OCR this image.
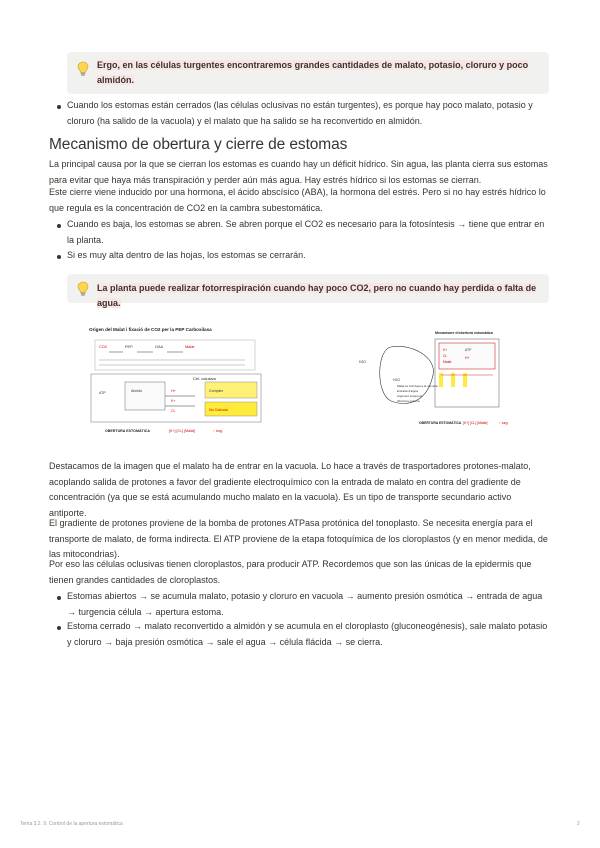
Ergo, en las células turgentes encontraremos grandes cantidades de malato, potasio, cloruro y poco almidón.
Cuando los estomas están cerrados (las células oclusivas no están turgentes), es porque hay poco malato, potasio y cloruro (ha salido de la vacuola) y el malato que ha salido se ha reconvertido en almidón.
Mecanismo de obertura y cierre de estomas
La principal causa por la que se cierran los estomas es cuando hay un déficit hídrico. Sin agua, las planta cierra sus estomas para evitar que haya más transpiración y perder aún más agua. Hay estrés hídrico si los estomas se cierran.
Este cierre viene inducido por una hormona, el ácido abscísico (ABA), la hormona del estrés. Pero si no hay estrés hídrico lo que regula es la concentración de CO2 en la cambra subestomática.
Cuando es baja, los estomas se abren. Se abren porque el CO2 es necesario para la fotosíntesis → tiene que entrar en la planta.
Si es muy alta dentro de las hojas, los estomas se cerrarán.
La planta puede realizar fotorrespiración cuando hay poco CO2, pero no cuando hay perdida o falta de agua.
Origen del Malat i fixació de CO2 per la PEP Carboxilasa
CO2	PEP	OAA	Malat
Cèl. oclusiva
Almidó
ATP	H+
K+
Cl-
Complex
No Cutícula
OBERTURA ESTOMÀTICA	[K+] [Cl-] [Malat]	↑ turg.
Mecanisme d'obertura estomàtica
H2O
H2O
K+
Cl-
Malat
ATP
H+
Malat se bombeja a la vacuola
Entrada d'aigua
Augment turgència
Obertura estoma
OBERTURA ESTOMÀTICA [K+] [Cl-] [Malat]	↑ turg.
Destacamos de la imagen que el malato ha de entrar en la vacuola. Lo hace a través de trasportadores protones-malato, acoplando salida de protones a favor del gradiente electroquímico con la entrada de malato en contra del gradiente de concentración (ya que se está acumulando mucho malato en la vacuola). Es un tipo de transporte secundario activo antiporte.
El gradiente de protones proviene de la bomba de protones ATPasa protónica del tonoplasto. Se necesita energía para el transporte de malato, de forma indirecta. El ATP proviene de la etapa fotoquímica de los cloroplastos (y en menor medida, de las mitocondrias).
Por eso las células oclusivas tienen cloroplastos, para producir ATP. Recordemos que son las únicas de la epidermis que tienen grandes cantidades de cloroplastos.
Estomas abiertos → se acumula malato, potasio y cloruro en vacuola → aumento presión osmótica → entrada de agua → turgencia célula → apertura estoma.
Estoma cerrado → malato reconvertido a almidón y se acumula en el cloroplasto (gluconeogénesis), sale malato potasio y cloruro → baja presión osmótica → sale el agua → célula flácida → se cierra.
Tema 3.2. 9. Control de la apertura estomática	2
